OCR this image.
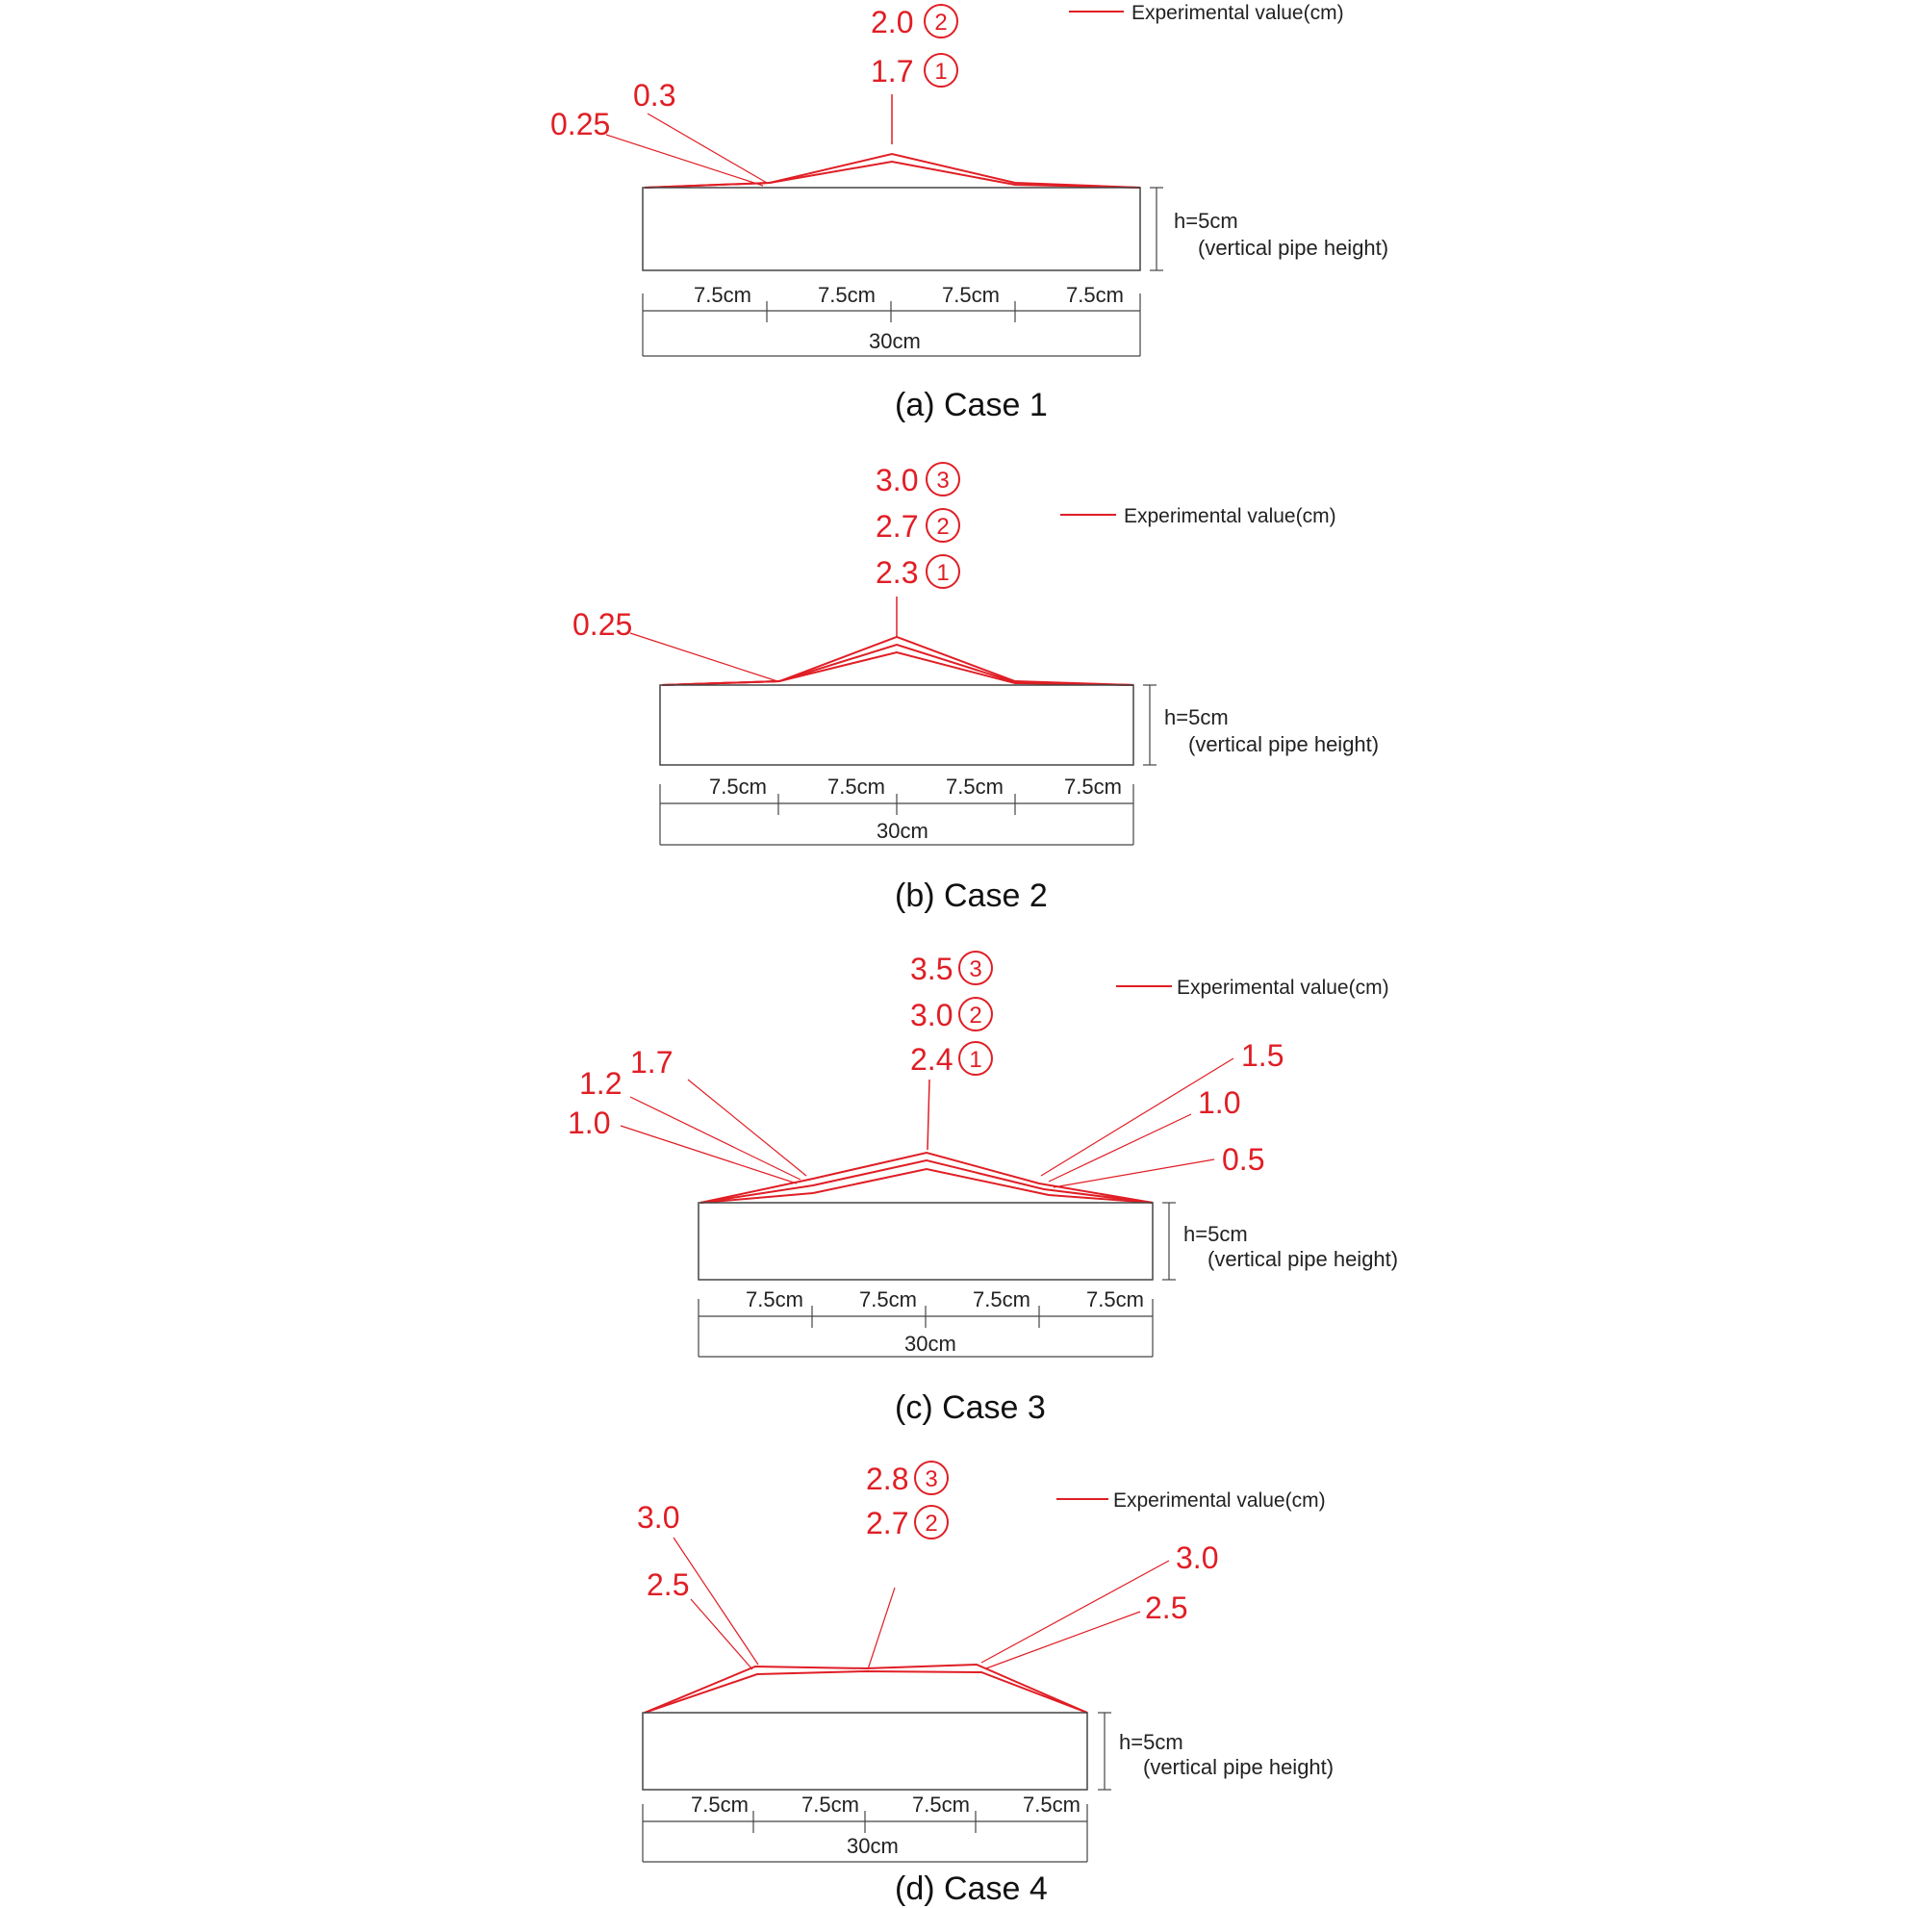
Experimental value(cm)
2.0 2
1.7 1
0.3
0.25
h=5cm
(vertical pipe height)
7.5cm	7.5cm	7.5cm	7.5cm
30cm
(a) Case 1
Experimental value(cm)
3.0 3
2.7 2
2.3 1
0.25
h=5cm
(vertical pipe height)
7.5cm	7.5cm	7.5cm	7.5cm
30cm
(b) Case 2
Experimental value(cm)
3.5 3
3.0 2
2.4 1
1.7
1.2
1.0
1.5
1.0
0.5
h=5cm
(vertical pipe height)
7.5cm	7.5cm	7.5cm	7.5cm
30cm
(c) Case 3
Experimental value(cm)
2.8 3
2.7 2
3.0
2.5
3.0
2.5
h=5cm
(vertical pipe height)
7.5cm	7.5cm	7.5cm	7.5cm
30cm
(d) Case 4
